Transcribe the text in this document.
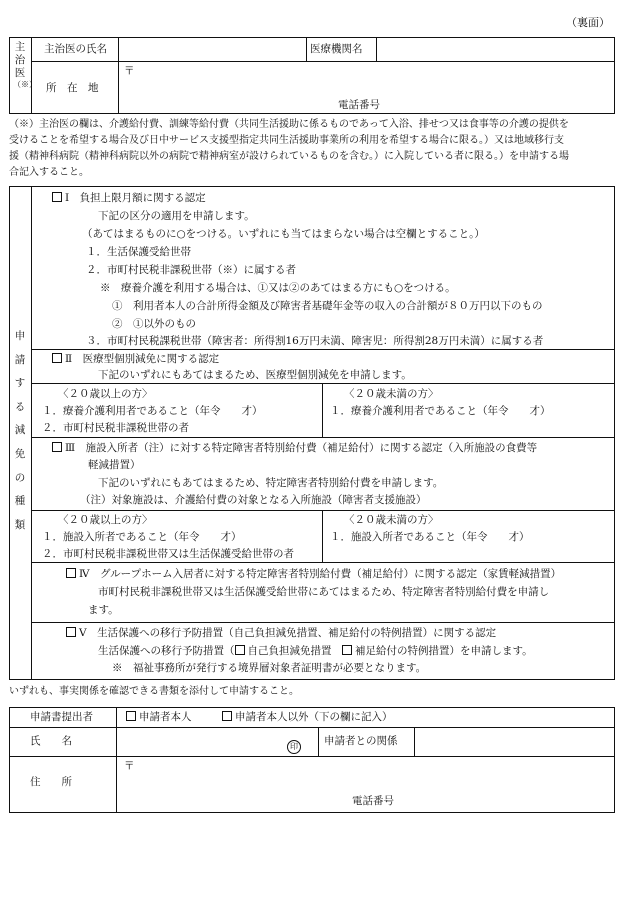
（裏面）
主
治
医
（※）
主治医の氏名	医療機関名
所　在　地
〒
電話番号
（※）主治医の欄は、介護給付費、訓練等給付費（共同生活援助に係るものであって入浴、排せつ又は食事等の介護の提供を
受けることを希望する場合及び日中サービス支援型指定共同生活援助事業所の利用を希望する場合に限る。）又は地域移行支
援（精神科病院（精神科病院以外の病院で精神病室が設けられているものを含む。）に入院している者に限る。）を申請する場
合記入すること。
申
請
す
る
減
免
の
種
類
Ⅰ　負担上限月額に関する認定
下記の区分の適用を申請します。
（あてはまるものに○をつける。いずれにも当てはまらない場合は空欄とすること。）
１．生活保護受給世帯
２．市町村民税非課税世帯（※）に属する者
※　療養介護を利用する場合は、①又は②のあてはまる方にも○をつける。
①　利用者本人の合計所得金額及び障害者基礎年金等の収入の合計額が８０万円以下のもの
②　①以外のもの
３．市町村民税課税世帯（障害者：所得割16万円未満、障害児：所得割28万円未満）に属する者
Ⅱ　医療型個別減免に関する認定
下記のいずれにもあてはまるため、医療型個別減免を申請します。
〈２０歳以上の方〉
１．療養介護利用者であること（年令　　才）
２．市町村民税非課税世帯の者
〈２０歳未満の方〉
１．療養介護利用者であること（年令　　才）
Ⅲ　施設入所者（注）に対する特定障害者特別給付費（補足給付）に関する認定（入所施設の食費等
軽減措置）
下記のいずれにもあてはまるため、特定障害者特別給付費を申請します。
（注）対象施設は、介護給付費の対象となる入所施設（障害者支援施設）
〈２０歳以上の方〉
１．施設入所者であること（年令　　才）
２．市町村民税非課税世帯又は生活保護受給世帯の者
〈２０歳未満の方〉
１．施設入所者であること（年令　　才）
Ⅳ　グループホーム入居者に対する特定障害者特別給付費（補足給付）に関する認定（家賃軽減措置）
市町村民税非課税世帯又は生活保護受給世帯にあてはまるため、特定障害者特別給付費を申請し
ます。
Ⅴ　生活保護への移行予防措置（自己負担減免措置、補足給付の特例措置）に関する認定
生活保護への移行予防措置（ 自己負担減免措置　 補足給付の特例措置）を申請します。
※　福祉事務所が発行する境界層対象者証明書が必要となります。
いずれも、事実関係を確認できる書類を添付して申請すること。
申請書提出者	申請者本人	申請者本人以外（下の欄に記入）
氏　　名	印 申請者との関係
〒
住　　所
電話番号
